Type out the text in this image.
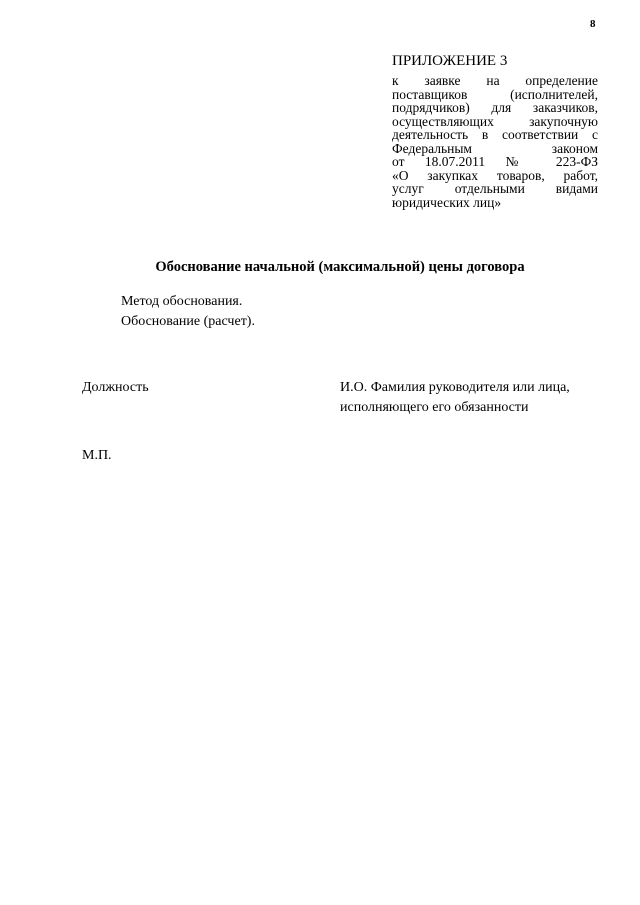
8
ПРИЛОЖЕНИЕ 3
к заявке на определение
поставщиков (исполнителей,
подрядчиков) для заказчиков,
осуществляющих закупочную
деятельность в соответствии с
Федеральным законом
от 18.07.2011 № 223-ФЗ
«О закупках товаров, работ,
услуг отдельными видами
юридических лиц»
Обоснование начальной (максимальной) цены договора
Метод обоснования.
Обоснование (расчет).
Должность	И.О. Фамилия руководителя или лица,
исполняющего его обязанности
М.П.
